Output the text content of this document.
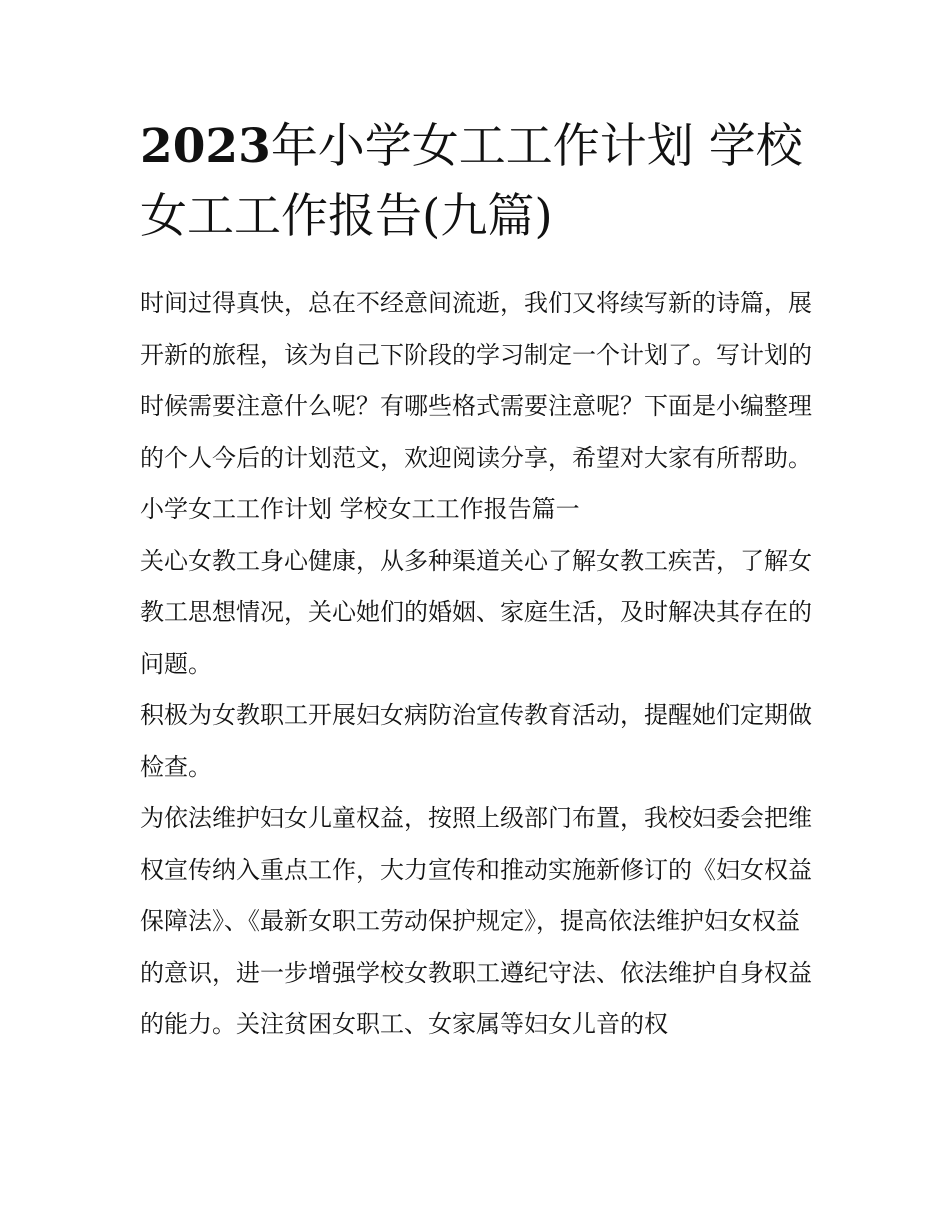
2023年小学女工工作计划 学校女工工作报告(九篇)

时间过得真快，总在不经意间流逝，我们又将续写新的诗篇，展开新的旅程，该为自己下阶段的学习制定一个计划了。写计划的时候需要注意什么呢？有哪些格式需要注意呢？下面是小编整理的个人今后的计划范文，欢迎阅读分享，希望对大家有所帮助。

小学女工工作计划 学校女工工作报告篇一

关心女教工身心健康，从多种渠道关心了解女教工疾苦，了解女教工思想情况，关心她们的婚姻、家庭生活，及时解决其存在的问题。

积极为女教职工开展妇女病防治宣传教育活动，提醒她们定期做检查。

为依法维护妇女儿童权益，按照上级部门布置，我校妇委会把维权宣传纳入重点工作，大力宣传和推动实施新修订的《妇女权益保障法》、《最新女职工劳动保护规定》，提高依法维护妇女权益的意识，进一步增强学校女教职工遵纪守法、依法维护自身权益的能力。关注贫困女职工、女家属等妇女儿音的权
